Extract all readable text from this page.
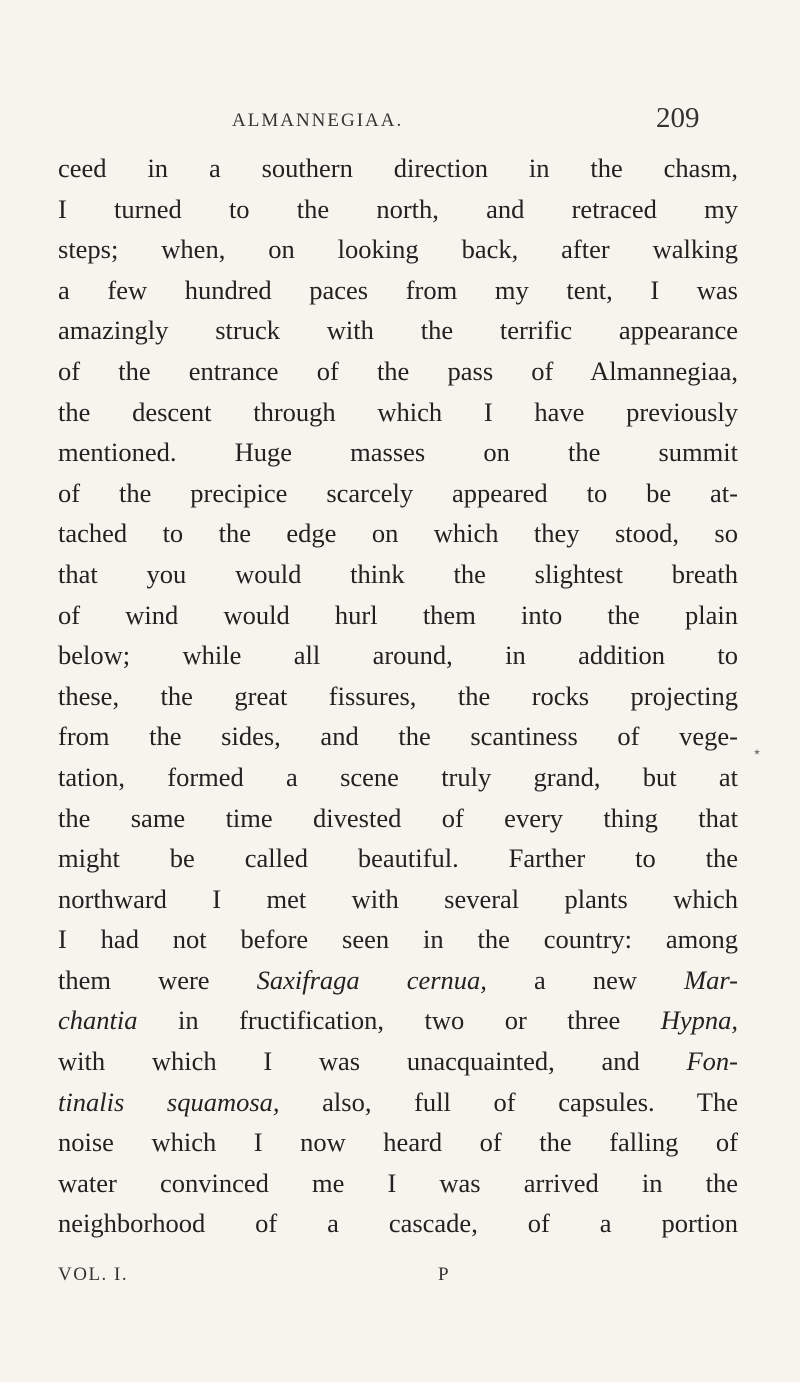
ALMANNEGIAA.	209
ceed in a southern direction in the chasm,
I turned to the north, and retraced my
steps; when, on looking back, after walking
a few hundred paces from my tent, I was
amazingly struck with the terrific appearance
of the entrance of the pass of Almannegiaa,
the descent through which I have previously
mentioned. Huge masses on the summit
of the precipice scarcely appeared to be at-
tached to the edge on which they stood, so
that you would think the slightest breath
of wind would hurl them into the plain
below; while all around, in addition to
these, the great fissures, the rocks projecting
from the sides, and the scantiness of vege-
tation, formed a scene truly grand, but at
the same time divested of every thing that
might be called beautiful. Farther to the
northward I met with several plants which
I had not before seen in the country: among
them were Saxifraga cernua, a new Mar-
chantia in fructification, two or three Hypna,
with which I was unacquainted, and Fon-
tinalis squamosa, also, full of capsules. The
noise which I now heard of the falling of
water convinced me I was arrived in the
neighborhood of a cascade, of a portion
⋆
VOL. I.	P
